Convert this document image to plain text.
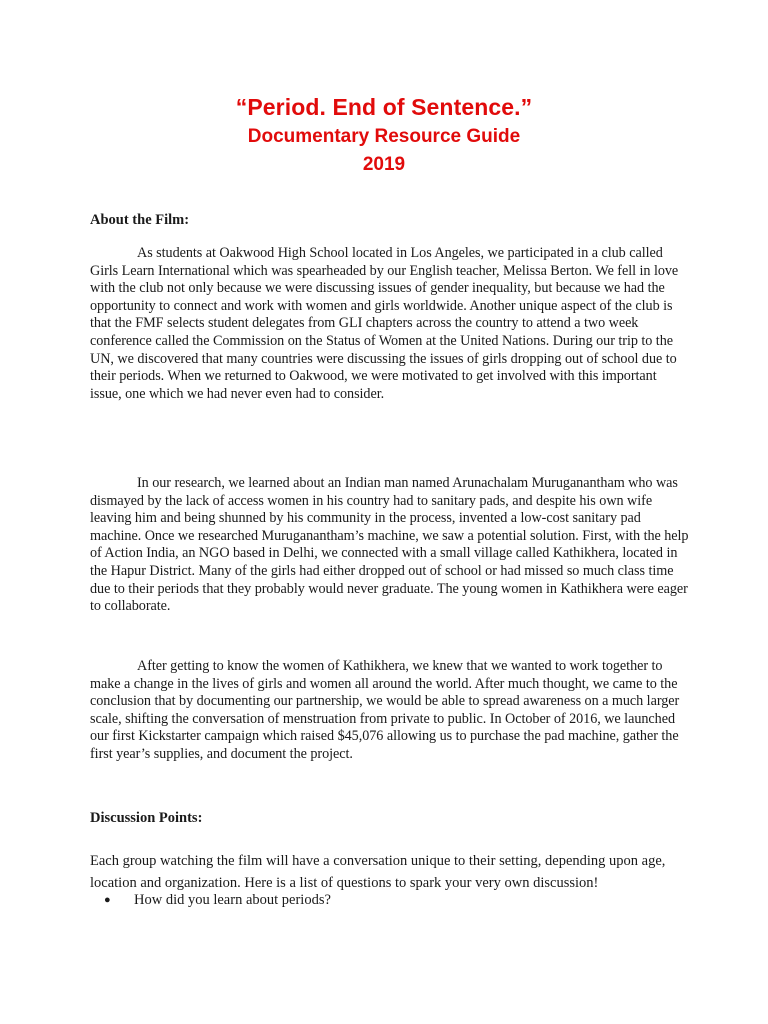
“Period. End of Sentence.”
Documentary Resource Guide
2019
About the Film:
As students at Oakwood High School located in Los Angeles, we participated in a club called Girls Learn International which was spearheaded by our English teacher, Melissa Berton. We fell in love with the club not only because we were discussing issues of gender inequality, but because we had the opportunity to connect and work with women and girls worldwide. Another unique aspect of the club is that the FMF selects student delegates from GLI chapters across the country to attend a two week conference called the Commission on the Status of Women at the United Nations. During our trip to the UN, we discovered that many countries were discussing the issues of girls dropping out of school due to their periods. When we returned to Oakwood, we were motivated to get involved with this important issue, one which we had never even had to consider.
In our research, we learned about an Indian man named Arunachalam Muruganantham who was dismayed by the lack of access women in his country had to sanitary pads, and despite his own wife leaving him and being shunned by his community in the process, invented a low-cost sanitary pad machine. Once we researched Muruganantham’s machine, we saw a potential solution. First, with the help of Action India, an NGO based in Delhi, we connected with a small village called Kathikhera, located in the Hapur District. Many of the girls had either dropped out of school or had missed so much class time due to their periods that they probably would never graduate. The young women in Kathikhera were eager to collaborate.
After getting to know the women of Kathikhera, we knew that we wanted to work together to make a change in the lives of girls and women all around the world. After much thought, we came to the conclusion that by documenting our partnership, we would be able to spread awareness on a much larger scale, shifting the conversation of menstruation from private to public. In October of 2016, we launched our first Kickstarter campaign which raised $45,076 allowing us to purchase the pad machine, gather the first year’s supplies, and document the project.
Discussion Points:
Each group watching the film will have a conversation unique to their setting, depending upon age, location and organization. Here is a list of questions to spark your very own discussion!
● How did you learn about periods?
